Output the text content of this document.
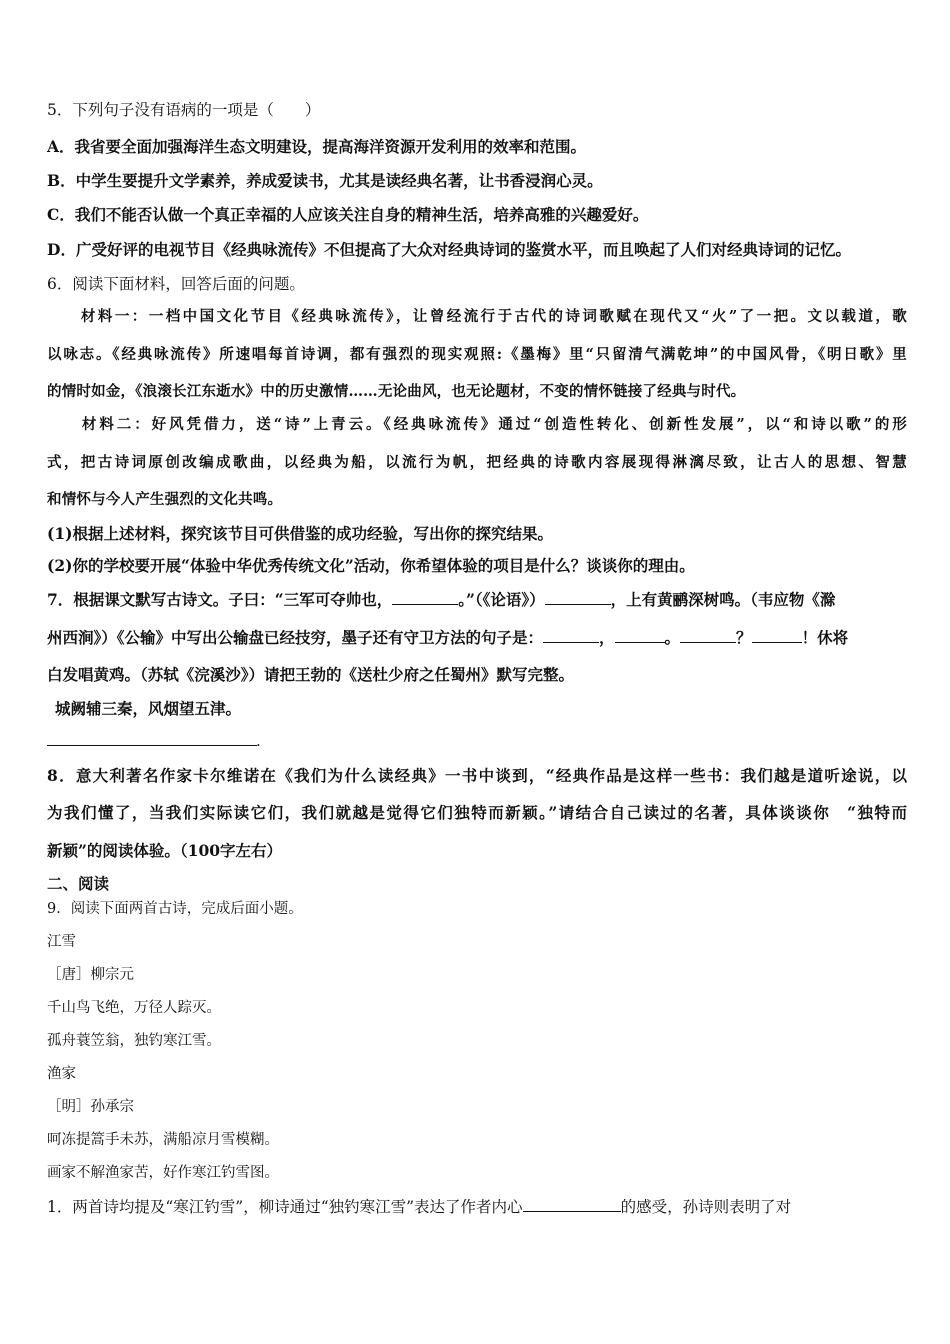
5．下列句子没有语病的一项是（　　）

A．我省要全面加强海洋生态文明建设，提高海洋资源开发利用的效率和范围。

B．中学生要提升文学素养，养成爱读书，尤其是读经典名著，让书香浸润心灵。

C．我们不能否认做一个真正幸福的人应该关注自身的精神生活，培养高雅的兴趣爱好。

D．广受好评的电视节目《经典咏流传》不但提高了大众对经典诗词的鉴赏水平，而且唤起了人们对经典诗词的记忆。

6．阅读下面材料，回答后面的问题。

　　材料一：一档中国文化节目《经典咏流传》，让曾经流行于古代的诗词歌赋在现代又“火”了一把。文以载道，歌

以咏志。《经典咏流传》所速唱每首诗调，都有强烈的现实观照:《墨梅》里“只留清气满乾坤”的中国风骨，《明日歌》里

的情时如金，《浪滚长江东逝水》中的历史激情……无论曲风，也无论题材，不变的情怀链接了经典与时代。

　　材料二：好风凭借力，送“诗”上青云。《经典咏流传》通过“创造性转化、创新性发展”，以“和诗以歌”的形

式，把古诗词原创改编成歌曲，以经典为船，以流行为帆，把经典的诗歌内容展现得淋漓尽致，让古人的思想、智慧

和情怀与今人产生强烈的文化共鸣。

(1)根据上述材料，探究该节目可供借鉴的成功经验，写出你的探究结果。

(2)你的学校要开展“体验中华优秀传统文化”活动，你希望体验的项目是什么？谈谈你的理由。

7．根据课文默写古诗文。子曰：“三军可夺帅也，	。”（《论语》）	，上有黄鹂深树鸣。（韦应物《滁

州西涧》）《公输》中写出公输盘已经技穷，墨子还有守卫方法的句子是：	，	。	？	！休将

白发唱黄鸡。（苏轼《浣溪沙》）请把王勃的《送杜少府之任蜀州》默写完整。

城阙辅三秦，风烟望五津。

.

8．意大利著名作家卡尔维诺在《我们为什么读经典》一书中谈到，“经典作品是这样一些书：我们越是道听途说，以

为我们懂了，当我们实际读它们，我们就越是觉得它们独特而新颖。”请结合自己读过的名著，具体谈谈你　“独特而

新颖”的阅读体验。（100字左右）

二、阅读

9．阅读下面两首古诗，完成后面小题。

江雪

［唐］柳宗元

千山鸟飞绝，万径人踪灭。

孤舟蓑笠翁，独钓寒江雪。

渔家

［明］孙承宗

呵冻提篙手未苏，满船凉月雪模糊。

画家不解渔家苦，好作寒江钓雪图。

1．两首诗均提及“寒江钓雪”，柳诗通过“独钓寒江雪”表达了作者内心	的感受，孙诗则表明了对
